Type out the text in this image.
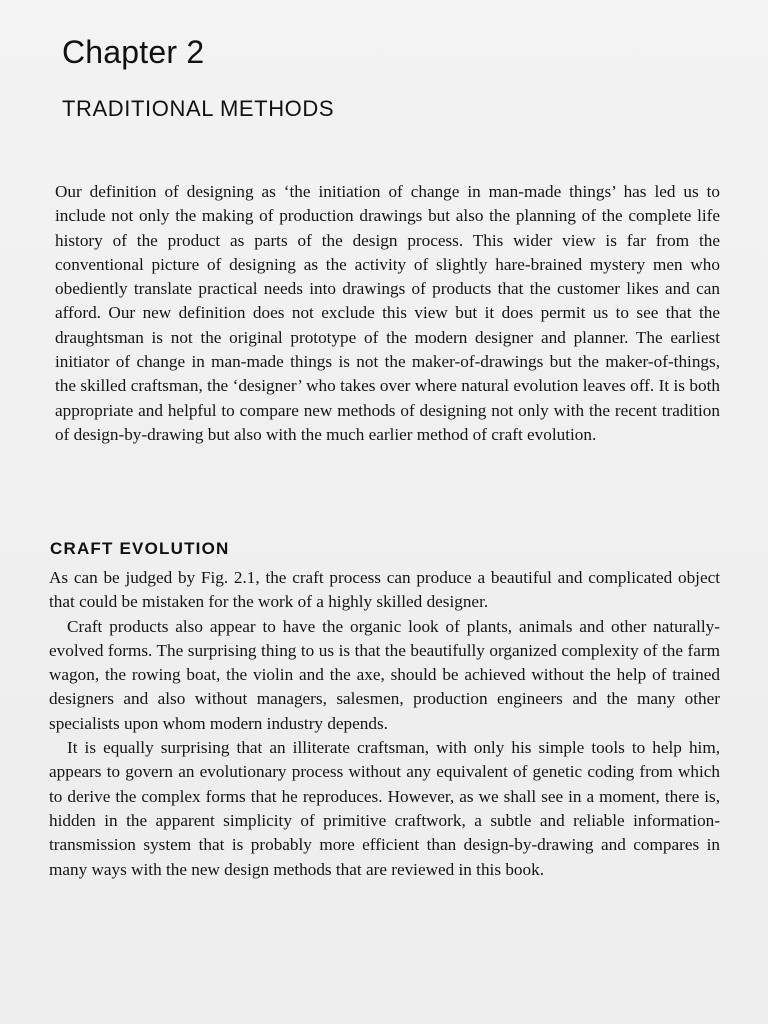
Chapter 2
TRADITIONAL METHODS

Our definition of designing as ‘the initiation of change in man-made things’ has led us to include not only the making of production drawings but also the planning of the complete life history of the product as parts of the design process. This wider view is far from the conventional picture of designing as the activity of slightly hare-brained mystery men who obediently translate practical needs into drawings of products that the customer likes and can afford. Our new definition does not exclude this view but it does permit us to see that the draughtsman is not the original prototype of the modern designer and planner. The earliest initiator of change in man-made things is not the maker-of-drawings but the maker-of-things, the skilled craftsman, the ‘designer’ who takes over where natural evolution leaves off. It is both appropriate and helpful to compare new methods of designing not only with the recent tradition of design-by-drawing but also with the much earlier method of craft evolution.

CRAFT EVOLUTION

As can be judged by Fig. 2.1, the craft process can produce a beautiful and complicated object that could be mistaken for the work of a highly skilled designer.

Craft products also appear to have the organic look of plants, animals and other naturally-evolved forms. The surprising thing to us is that the beautifully organized complexity of the farm wagon, the rowing boat, the violin and the axe, should be achieved without the help of trained designers and also without managers, salesmen, production engineers and the many other specialists upon whom modern industry depends.

It is equally surprising that an illiterate craftsman, with only his simple tools to help him, appears to govern an evolutionary process without any equivalent of genetic coding from which to derive the complex forms that he reproduces. However, as we shall see in a moment, there is, hidden in the apparent simplicity of primitive craftwork, a subtle and reliable information-transmission system that is probably more efficient than design-by-drawing and compares in many ways with the new design methods that are reviewed in this book.
